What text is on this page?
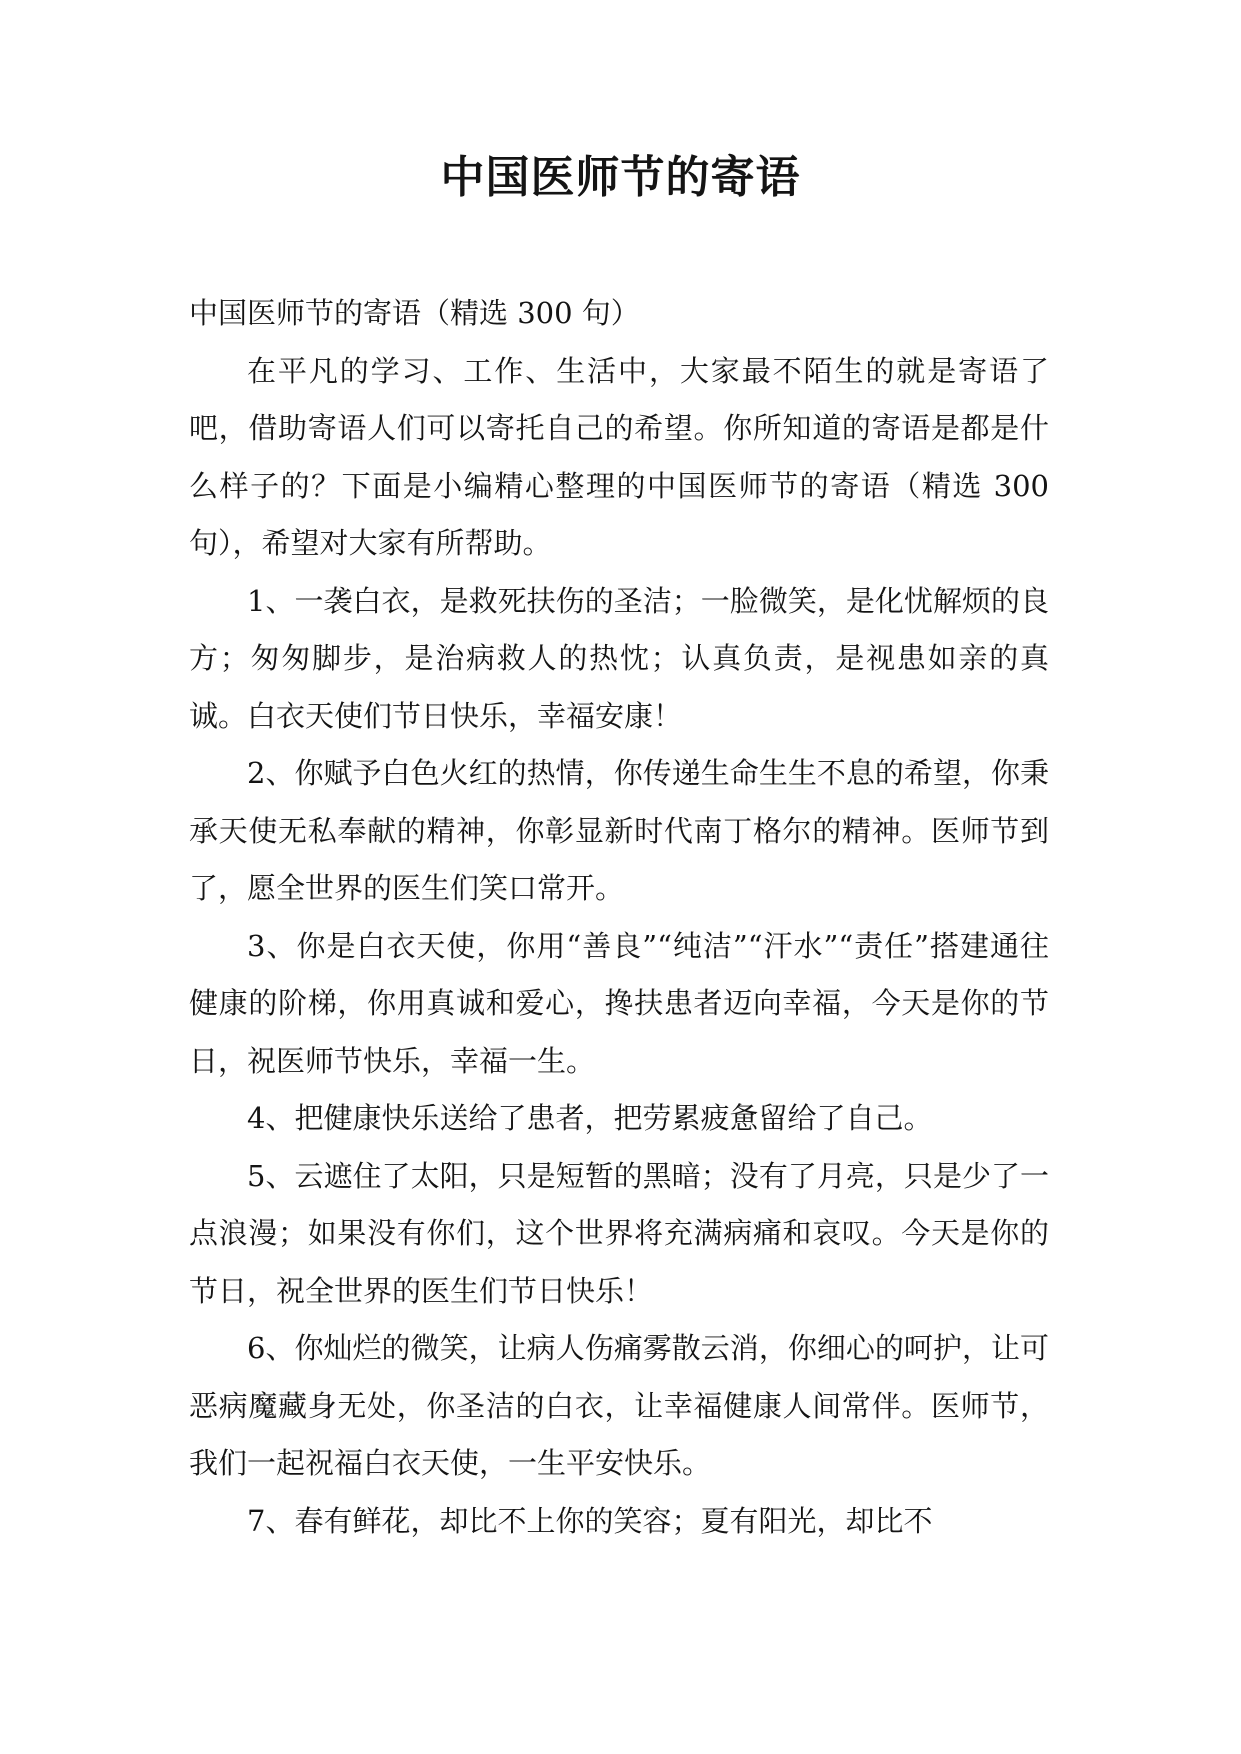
中国医师节的寄语

中国医师节的寄语（精选 300 句）

在平凡的学习、工作、生活中，大家最不陌生的就是寄语了吧，借助寄语人们可以寄托自己的希望。你所知道的寄语是都是什么样子的？下面是小编精心整理的中国医师节的寄语（精选 300 句），希望对大家有所帮助。

1、一袭白衣，是救死扶伤的圣洁；一脸微笑，是化忧解烦的良方；匆匆脚步，是治病救人的热忱；认真负责，是视患如亲的真诚。白衣天使们节日快乐，幸福安康！

2、你赋予白色火红的热情，你传递生命生生不息的希望，你秉承天使无私奉献的精神，你彰显新时代南丁格尔的精神。医师节到了，愿全世界的医生们笑口常开。

3、你是白衣天使，你用“善良”“纯洁”“汗水”“责任”搭建通往健康的阶梯，你用真诚和爱心，搀扶患者迈向幸福，今天是你的节日，祝医师节快乐，幸福一生。

4、把健康快乐送给了患者，把劳累疲惫留给了自己。

5、云遮住了太阳，只是短暂的黑暗；没有了月亮，只是少了一点浪漫；如果没有你们，这个世界将充满病痛和哀叹。今天是你的节日，祝全世界的医生们节日快乐！

6、你灿烂的微笑，让病人伤痛雾散云消，你细心的呵护，让可恶病魔藏身无处，你圣洁的白衣，让幸福健康人间常伴。医师节，我们一起祝福白衣天使，一生平安快乐。

7、春有鲜花，却比不上你的笑容；夏有阳光，却比不
